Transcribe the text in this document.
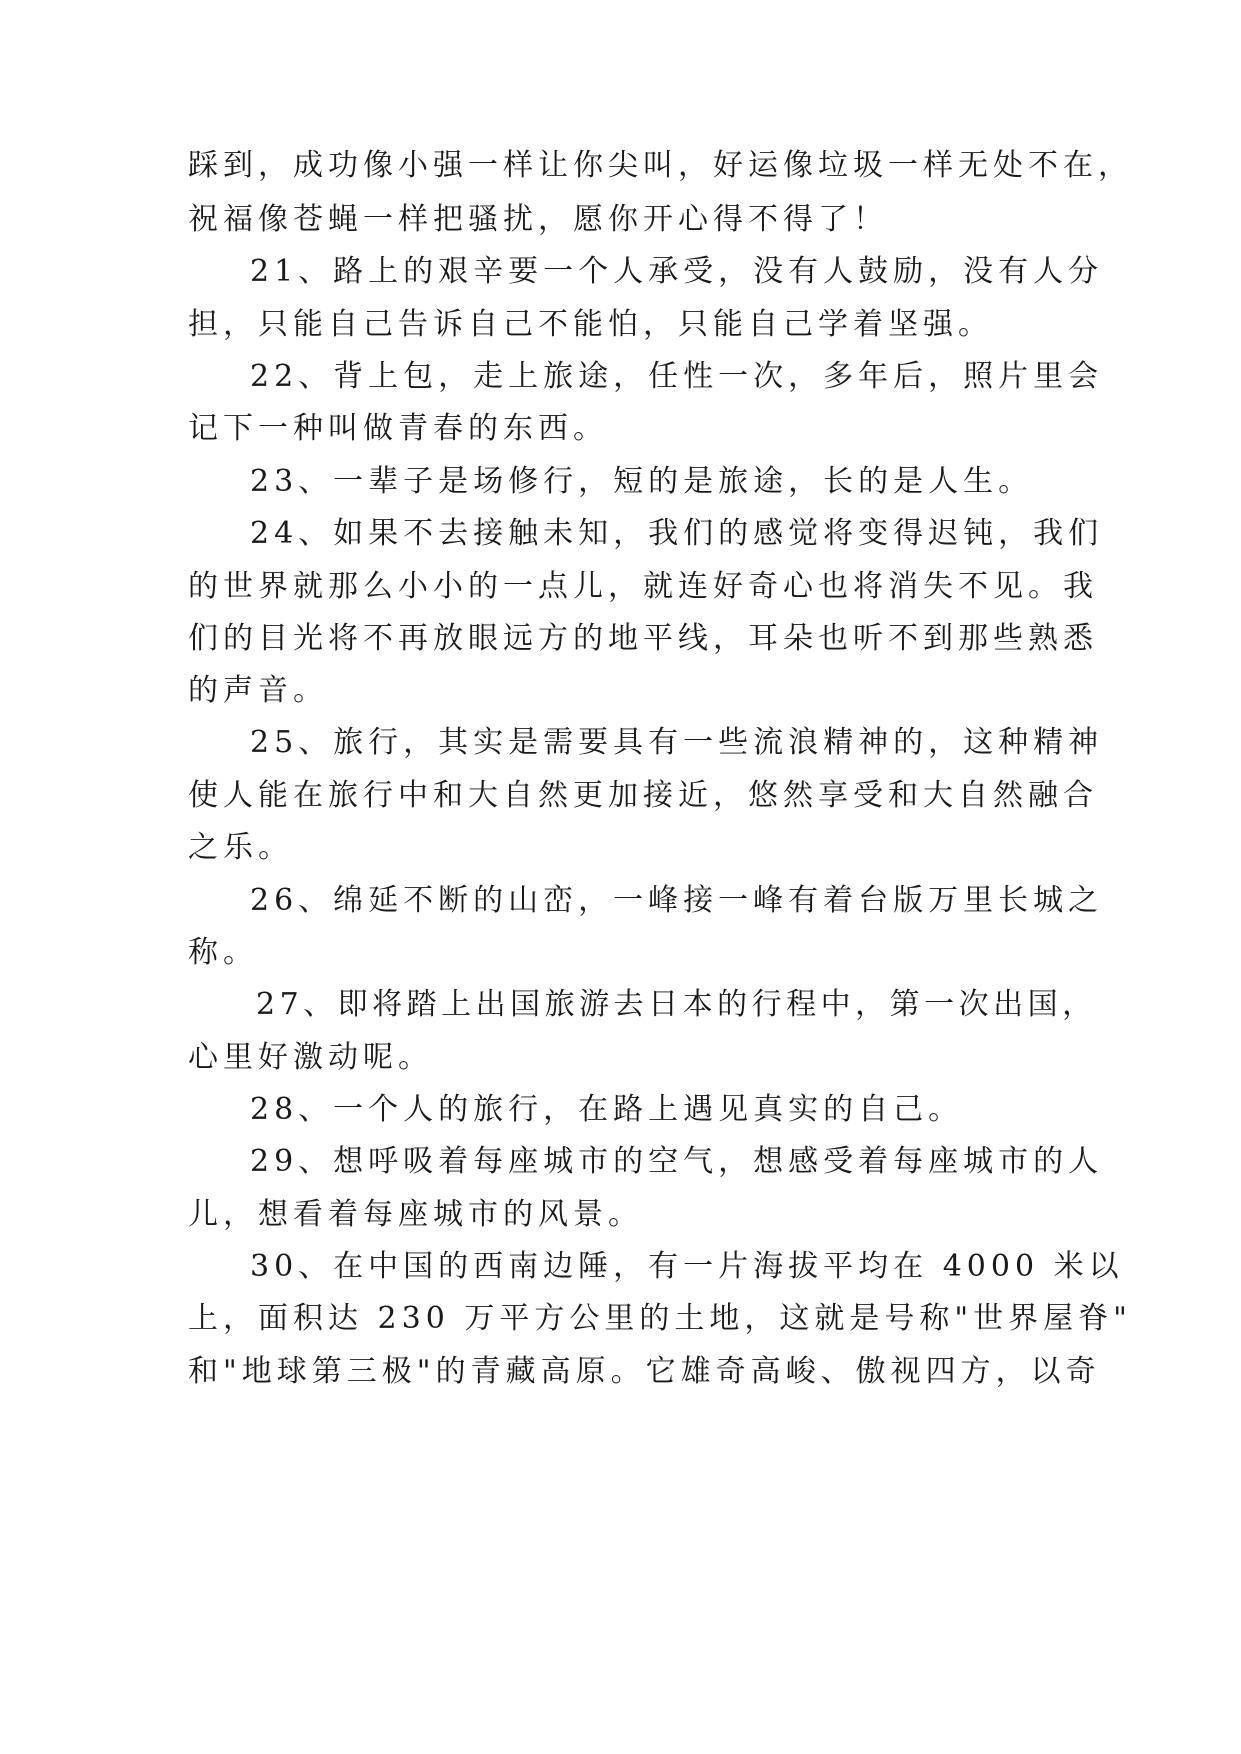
踩到，成功像小强一样让你尖叫，好运像垃圾一样无处不在，
祝福像苍蝇一样把骚扰，愿你开心得不得了！
21、路上的艰辛要一个人承受，没有人鼓励，没有人分
担，只能自己告诉自己不能怕，只能自己学着坚强。
22、背上包，走上旅途，任性一次，多年后，照片里会
记下一种叫做青春的东西。
23、一辈子是场修行，短的是旅途，长的是人生。
24、如果不去接触未知，我们的感觉将变得迟钝，我们
的世界就那么小小的一点儿，就连好奇心也将消失不见。我
们的目光将不再放眼远方的地平线，耳朵也听不到那些熟悉
的声音。
25、旅行，其实是需要具有一些流浪精神的，这种精神
使人能在旅行中和大自然更加接近，悠然享受和大自然融合
之乐。
26、绵延不断的山峦，一峰接一峰有着台版万里长城之
称。
27、即将踏上出国旅游去日本的行程中，第一次出国，
心里好激动呢。
28、一个人的旅行，在路上遇见真实的自己。
29、想呼吸着每座城市的空气，想感受着每座城市的人
儿，想看着每座城市的风景。
30、在中国的西南边陲，有一片海拔平均在 4000 米以
上，面积达 230 万平方公里的土地，这就是号称"世界屋脊"
和"地球第三极"的青藏高原。它雄奇高峻、傲视四方，以奇
